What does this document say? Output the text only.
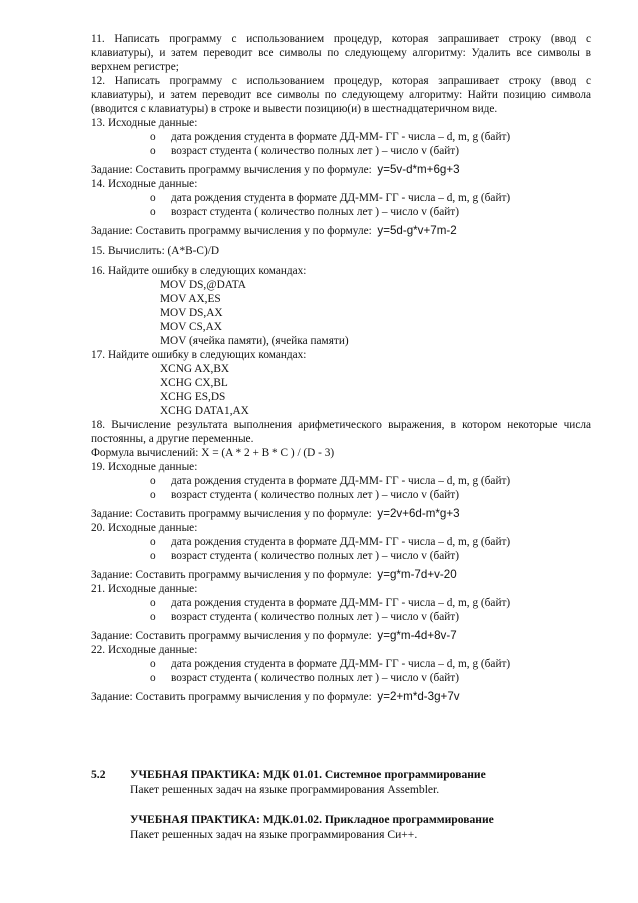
11. Написать программу с использованием процедур, которая запрашивает строку (ввод с
клавиатуры), и затем переводит все символы по следующему алгоритму: Удалить все символы в
верхнем регистре;
12. Написать программу с использованием процедур, которая запрашивает строку (ввод с
клавиатуры), и затем переводит все символы по следующему алгоритму: Найти позицию символа
(вводится с клавиатуры) в строке и вывести позицию(и) в шестнадцатеричном виде.
13. Исходные данные:
o дата рождения студента в формате ДД-ММ- ГГ - числа – d, m, g (байт)
o возраст студента ( количество полных лет ) – число v (байт)
Задание: Составить программу вычисления у по формуле: y=5v-d*m+6g+3
14. Исходные данные:
o дата рождения студента в формате ДД-ММ- ГГ - числа – d, m, g (байт)
o возраст студента ( количество полных лет ) – число v (байт)
Задание: Составить программу вычисления у по формуле: y=5d-g*v+7m-2
15. Вычислить: (A*B-C)/D
16. Найдите ошибку в следующих командах:
MOV DS,@DATA
MOV AX,ES
MOV DS,AX
MOV CS,AX
MOV (ячейка памяти), (ячейка памяти)
17. Найдите ошибку в следующих командах:
XCNG AX,BX
XCHG CX,BL
XCHG ES,DS
XCHG DATA1,AX
18. Вычисление результата выполнения арифметического выражения, в котором некоторые числа
постоянны, а другие переменные.
Формула вычислений: X = (A * 2 + B * C ) / (D - 3)
19. Исходные данные:
o дата рождения студента в формате ДД-ММ- ГГ - числа – d, m, g (байт)
o возраст студента ( количество полных лет ) – число v (байт)
Задание: Составить программу вычисления у по формуле: y=2v+6d-m*g+3
20. Исходные данные:
o дата рождения студента в формате ДД-ММ- ГГ - числа – d, m, g (байт)
o возраст студента ( количество полных лет ) – число v (байт)
Задание: Составить программу вычисления у по формуле: y=g*m-7d+v-20
21. Исходные данные:
o дата рождения студента в формате ДД-ММ- ГГ - числа – d, m, g (байт)
o возраст студента ( количество полных лет ) – число v (байт)
Задание: Составить программу вычисления у по формуле: y=g*m-4d+8v-7
22. Исходные данные:
o дата рождения студента в формате ДД-ММ- ГГ - числа – d, m, g (байт)
o возраст студента ( количество полных лет ) – число v (байт)
Задание: Составить программу вычисления у по формуле: y=2+m*d-3g+7v
5.2 УЧЕБНАЯ ПРАКТИКА: МДК 01.01. Системное программирование
Пакет решенных задач на языке программирования Assembler.
УЧЕБНАЯ ПРАКТИКА: МДК.01.02. Прикладное программирование
Пакет решенных задач на языке программирования Си++.
